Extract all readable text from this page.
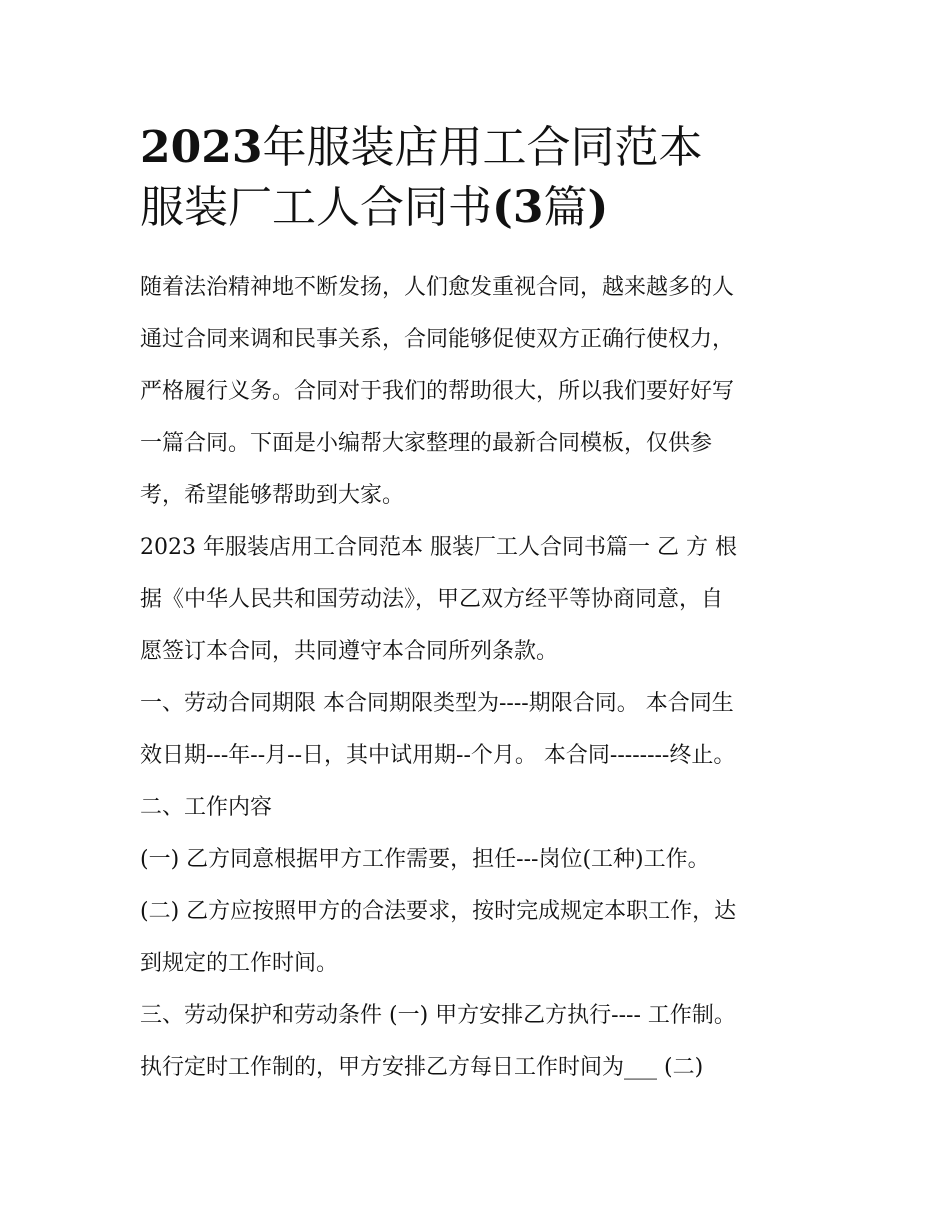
2023年服装店用工合同范本
服装厂工人合同书(3篇)

随着法治精神地不断发扬，人们愈发重视合同，越来越多的人
通过合同来调和民事关系，合同能够促使双方正确行使权力，
严格履行义务。合同对于我们的帮助很大，所以我们要好好写
一篇合同。下面是小编帮大家整理的最新合同模板，仅供参
考，希望能够帮助到大家。

2023 年服装店用工合同范本 服装厂工人合同书篇一 乙 方 根
据《中华人民共和国劳动法》，甲乙双方经平等协商同意，自
愿签订本合同，共同遵守本合同所列条款。

一、劳动合同期限 本合同期限类型为----期限合同。 本合同生
效日期---年--月--日，其中试用期--个月。 本合同--------终止。

二、工作内容

(一) 乙方同意根据甲方工作需要，担任---岗位(工种)工作。

(二) 乙方应按照甲方的合法要求，按时完成规定本职工作，达
到规定的工作时间。

三、劳动保护和劳动条件 (一) 甲方安排乙方执行---- 工作制。
执行定时工作制的，甲方安排乙方每日工作时间为___ (二)
